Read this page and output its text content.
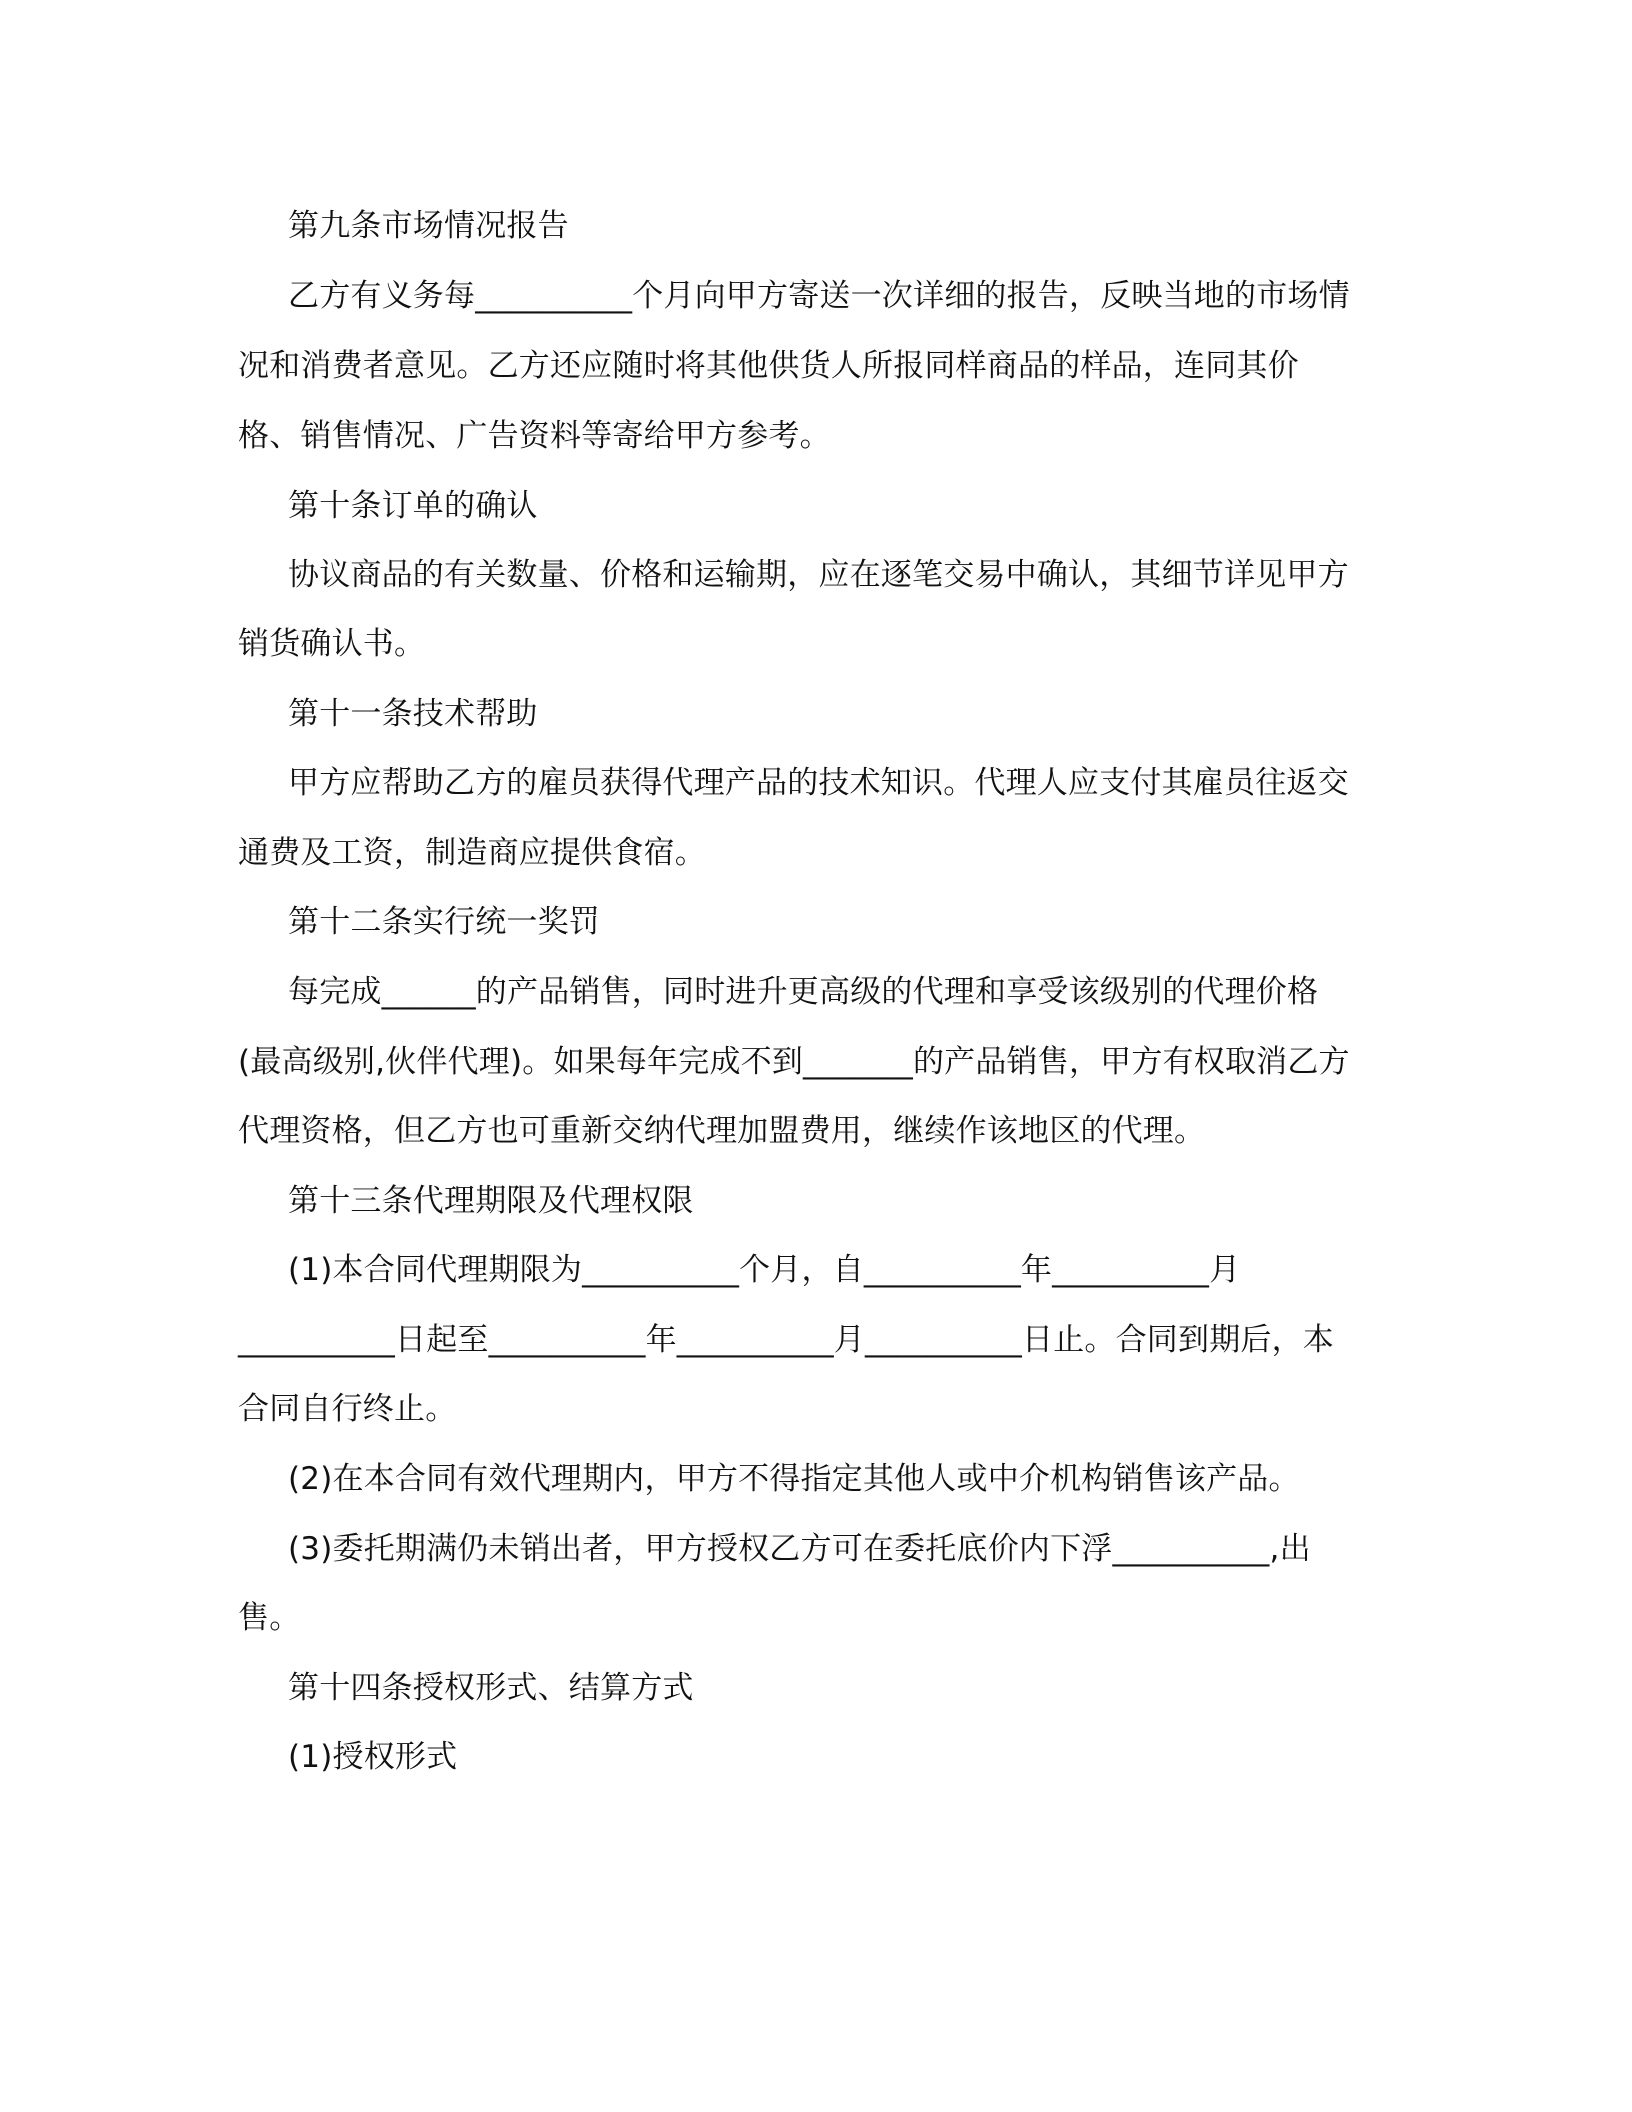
第九条市场情况报告

乙方有义务每__________个月向甲方寄送一次详细的报告，反映当地的市场情

况和消费者意见。乙方还应随时将其他供货人所报同样商品的样品，连同其价

格、销售情况、广告资料等寄给甲方参考。

第十条订单的确认

协议商品的有关数量、价格和运输期，应在逐笔交易中确认，其细节详见甲方

销货确认书。

第十一条技术帮助

甲方应帮助乙方的雇员获得代理产品的技术知识。代理人应支付其雇员往返交

通费及工资，制造商应提供食宿。

第十二条实行统一奖罚

每完成______的产品销售，同时进升更高级的代理和享受该级别的代理价格

(最高级别,伙伴代理)。如果每年完成不到_______的产品销售，甲方有权取消乙方

代理资格，但乙方也可重新交纳代理加盟费用，继续作该地区的代理。

第十三条代理期限及代理权限

(1)本合同代理期限为__________个月，自__________年__________月

__________日起至__________年__________月__________日止。合同到期后，本

合同自行终止。

(2)在本合同有效代理期内，甲方不得指定其他人或中介机构销售该产品。

(3)委托期满仍未销出者，甲方授权乙方可在委托底价内下浮__________,出

售。

第十四条授权形式、结算方式

(1)授权形式
